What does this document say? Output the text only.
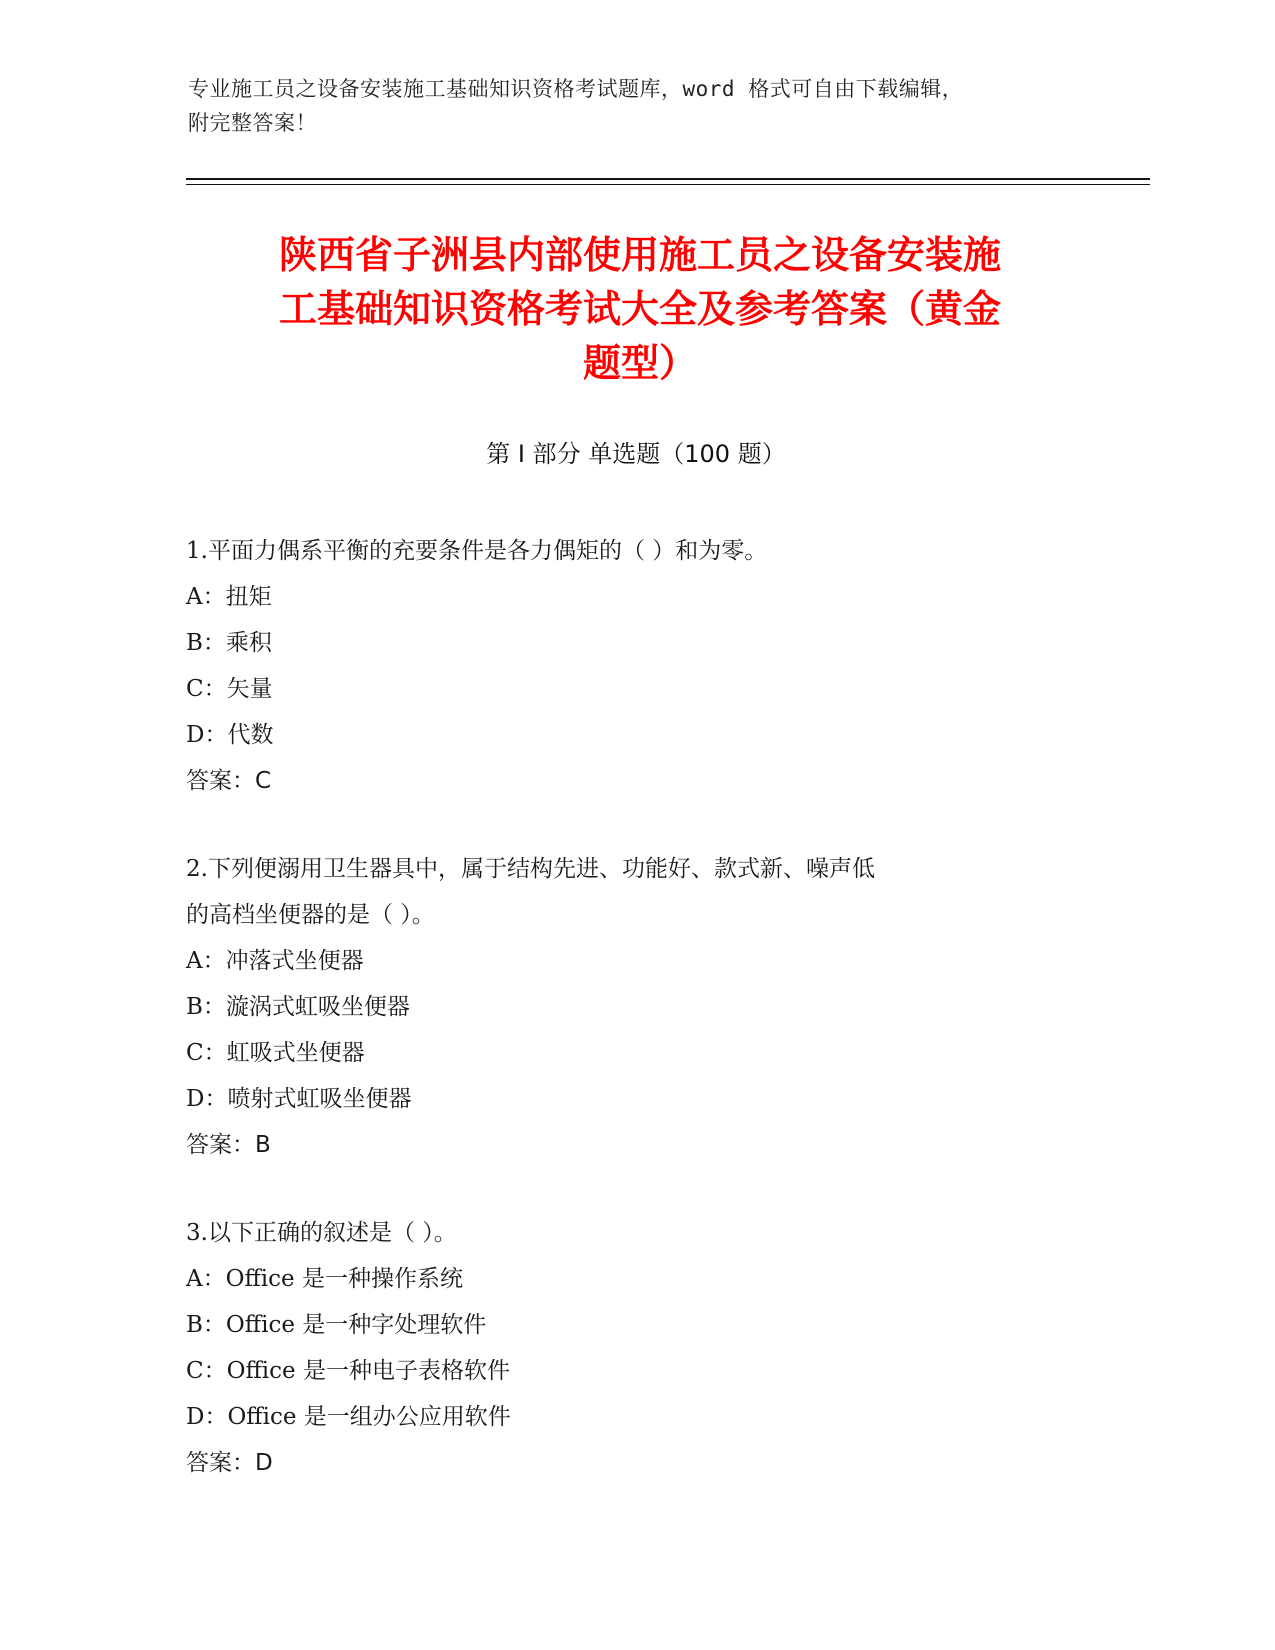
专业施工员之设备安装施工基础知识资格考试题库，word 格式可自由下载编辑，
附完整答案！
陕西省子洲县内部使用施工员之设备安装施
工基础知识资格考试大全及参考答案（黄金
题型）
第 I 部分 单选题（100 题）

1.平面力偶系平衡的充要条件是各力偶矩的（ ）和为零。

A：扭矩

B：乘积

C：矢量

D：代数

答案：C

2.下列便溺用卫生器具中，属于结构先进、功能好、款式新、噪声低

的高档坐便器的是（ ）。

A：冲落式坐便器

B：漩涡式虹吸坐便器

C：虹吸式坐便器

D：喷射式虹吸坐便器

答案：B

3.以下正确的叙述是（ ）。

A：Office 是一种操作系统

B：Office 是一种字处理软件

C：Office 是一种电子表格软件

D：Office 是一组办公应用软件

答案：D
